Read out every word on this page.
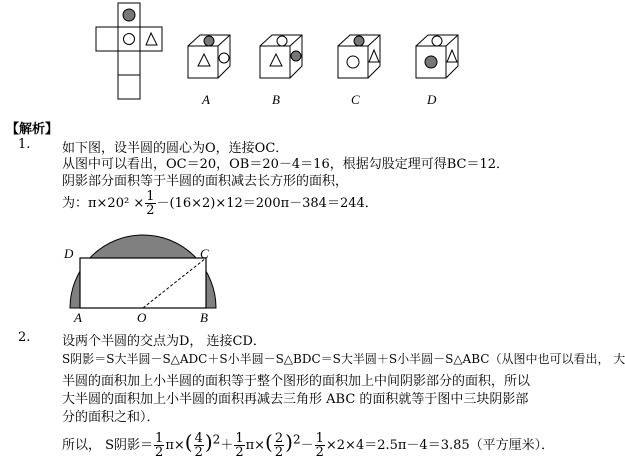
A	B	C	D
【解析】
1. 如下图，设半圆的圆心为O，连接OC．
从图中可以看出，OC＝20，OB＝20－4＝16，根据勾股定理可得BC＝12．
阴影部分面积等于半圆的面积减去长方形的面积，
为：$\pi\times 20^2 \times \frac{1}{2} -(16\times 2)\times 12=200\pi-384=244$．
D	C
A	O	B
2. 设两个半圆的交点为D， 连接CD．
S阴影＝S大半圆－S△ADC＋S小半圆－S△BDC＝S大半圆＋S小半圆－S△ABC（从图中也可以看出， 大
半圆的面积加上小半圆的面积等于整个图形的面积加上中间阴影部分的面积，所以
大半圆的面积加上小半圆的面积再减去三角形 ABC 的面积就等于图中三块阴影部
分的面积之和）．
所以， S阴影＝ $\frac{1}{2} \pi\times( \frac{4}{2} )^2+ \frac{1}{2} \pi\times( \frac{2}{2} )^2- \frac{1}{2} \times 2\times 4=2.5\pi-4=3.85$（平方厘米）．
